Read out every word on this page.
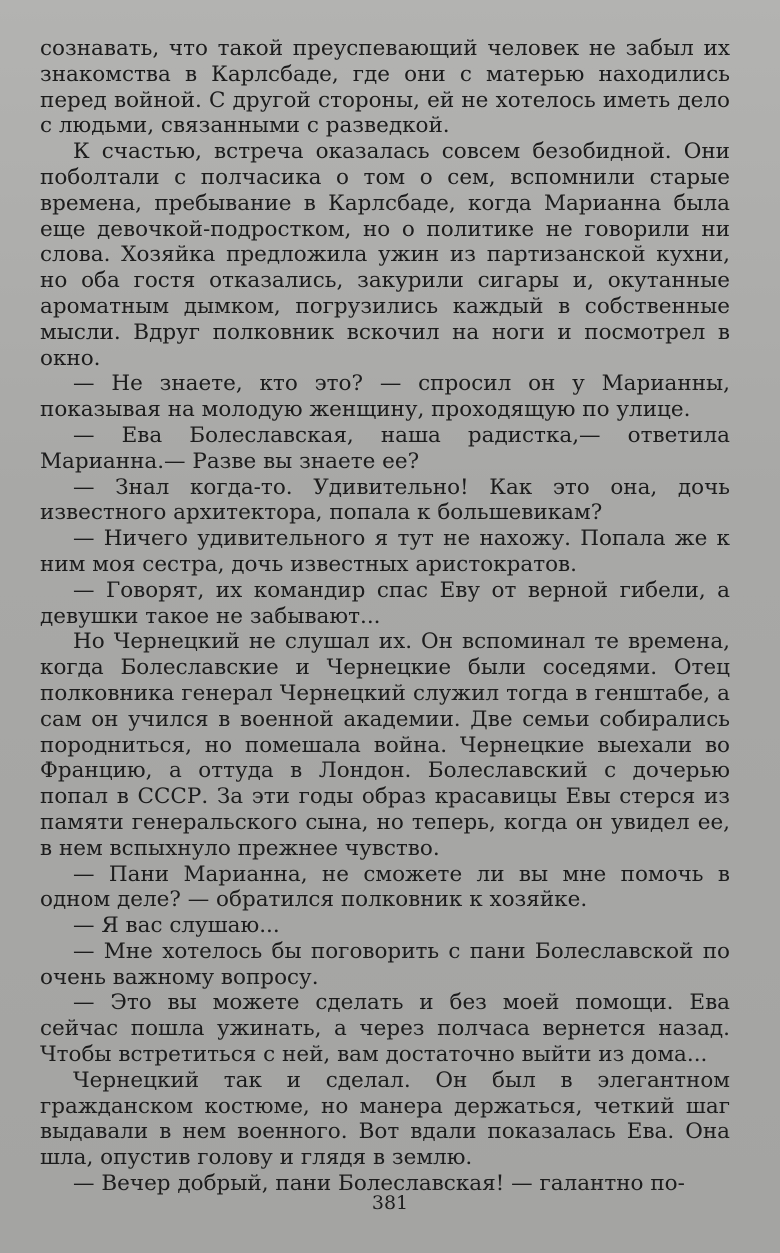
сознавать, что такой преуспевающий человек не забыл их знакомства в Карлсбаде, где они с матерью находились перед войной. С другой стороны, ей не хотелось иметь дело с людьми, связанными с разведкой.

К счастью, встреча оказалась совсем безобидной. Они поболтали с полчасика о том о сем, вспомнили старые времена, пребывание в Карлсбаде, когда Марианна была еще девочкой-подростком, но о политике не говорили ни слова. Хозяйка предложила ужин из партизанской кухни, но оба гостя отказались, закурили сигары и, окутанные ароматным дымком, погрузились каждый в собственные мысли. Вдруг полковник вскочил на ноги и посмотрел в окно.

— Не знаете, кто это? — спросил он у Марианны, показывая на молодую женщину, проходящую по улице.

— Ева Болеславская, наша радистка,— ответила Марианна.— Разве вы знаете ее?

— Знал когда-то. Удивительно! Как это она, дочь известного архитектора, попала к большевикам?

— Ничего удивительного я тут не нахожу. Попала же к ним моя сестра, дочь известных аристократов.

— Говорят, их командир спас Еву от верной гибели, а девушки такое не забывают...

Но Чернецкий не слушал их. Он вспоминал те времена, когда Болеславские и Чернецкие были соседями. Отец полковника генерал Чернецкий служил тогда в генштабе, а сам он учился в военной академии. Две семьи собирались породниться, но помешала война. Чернецкие выехали во Францию, а оттуда в Лондон. Болеславский с дочерью попал в СССР. За эти годы образ красавицы Евы стерся из памяти генеральского сына, но теперь, когда он увидел ее, в нем вспыхнуло прежнее чувство.

— Пани Марианна, не сможете ли вы мне помочь в одном деле? — обратился полковник к хозяйке.

— Я вас слушаю...

— Мне хотелось бы поговорить с пани Болеславской по очень важному вопросу.

— Это вы можете сделать и без моей помощи. Ева сейчас пошла ужинать, а через полчаса вернется назад. Чтобы встретиться с ней, вам достаточно выйти из дома...

Чернецкий так и сделал. Он был в элегантном гражданском костюме, но манера держаться, четкий шаг выдавали в нем военного. Вот вдали показалась Ева. Она шла, опустив голову и глядя в землю.

— Вечер добрый, пани Болеславская! — галантно по-

381
